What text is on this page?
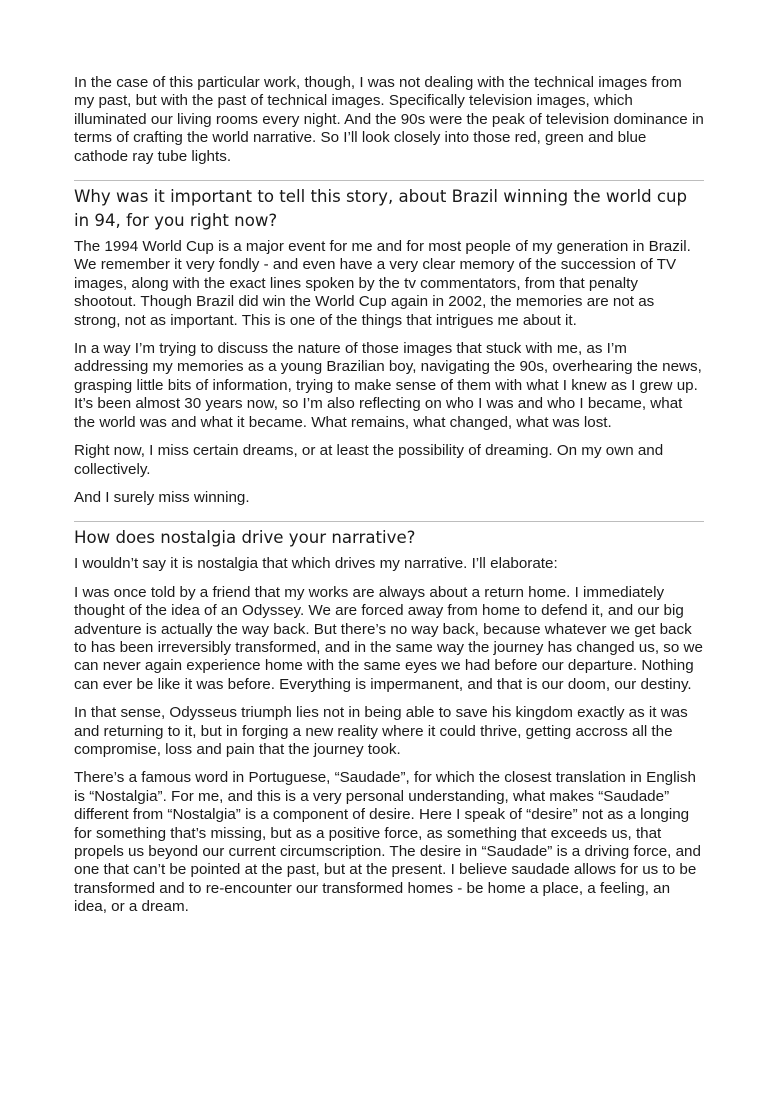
In the case of this particular work, though, I was not dealing with the technical images from my past, but with the past of technical images. Specifically television images, which illuminated our living rooms every night. And the 90s were the peak of television dominance in terms of crafting the world narrative. So I’ll look closely into those red, green and blue cathode ray tube lights.

Why was it important to tell this story, about Brazil winning the world cup in 94, for you right now?

The 1994 World Cup is a major event for me and for most people of my generation in Brazil. We remember it very fondly - and even have a very clear memory of the succession of TV images, along with the exact lines spoken by the tv commentators, from that penalty shootout. Though Brazil did win the World Cup again in 2002, the memories are not as strong, not as important. This is one of the things that intrigues me about it.

In a way I’m trying to discuss the nature of those images that stuck with me, as I’m addressing my memories as a young Brazilian boy, navigating the 90s, overhearing the news, grasping little bits of information, trying to make sense of them with what I knew as I grew up. It’s been almost 30 years now, so I’m also reflecting on who I was and who I became, what the world was and what it became. What remains, what changed, what was lost.

Right now, I miss certain dreams, or at least the possibility of dreaming. On my own and collectively.

And I surely miss winning.

How does nostalgia drive your narrative?

I wouldn’t say it is nostalgia that which drives my narrative. I’ll elaborate:

I was once told by a friend that my works are always about a return home. I immediately thought of the idea of an Odyssey. We are forced away from home to defend it, and our big adventure is actually the way back. But there’s no way back, because whatever we get back to has been irreversibly transformed, and in the same way the journey has changed us, so we can never again experience home with the same eyes we had before our departure. Nothing can ever be like it was before. Everything is impermanent, and that is our doom, our destiny.

In that sense, Odysseus triumph lies not in being able to save his kingdom exactly as it was and returning to it, but in forging a new reality where it could thrive, getting accross all the compromise, loss and pain that the journey took.

There’s a famous word in Portuguese, “Saudade”, for which the closest translation in English is “Nostalgia”. For me, and this is a very personal understanding, what makes “Saudade” different from “Nostalgia” is a component of desire. Here I speak of “desire” not as a longing for something that’s missing, but as a positive force, as something that exceeds us, that propels us beyond our current circumscription. The desire in “Saudade” is a driving force, and one that can’t be pointed at the past, but at the present. I believe saudade allows for us to be transformed and to re-encounter our transformed homes - be home a place, a feeling, an idea, or a dream.
